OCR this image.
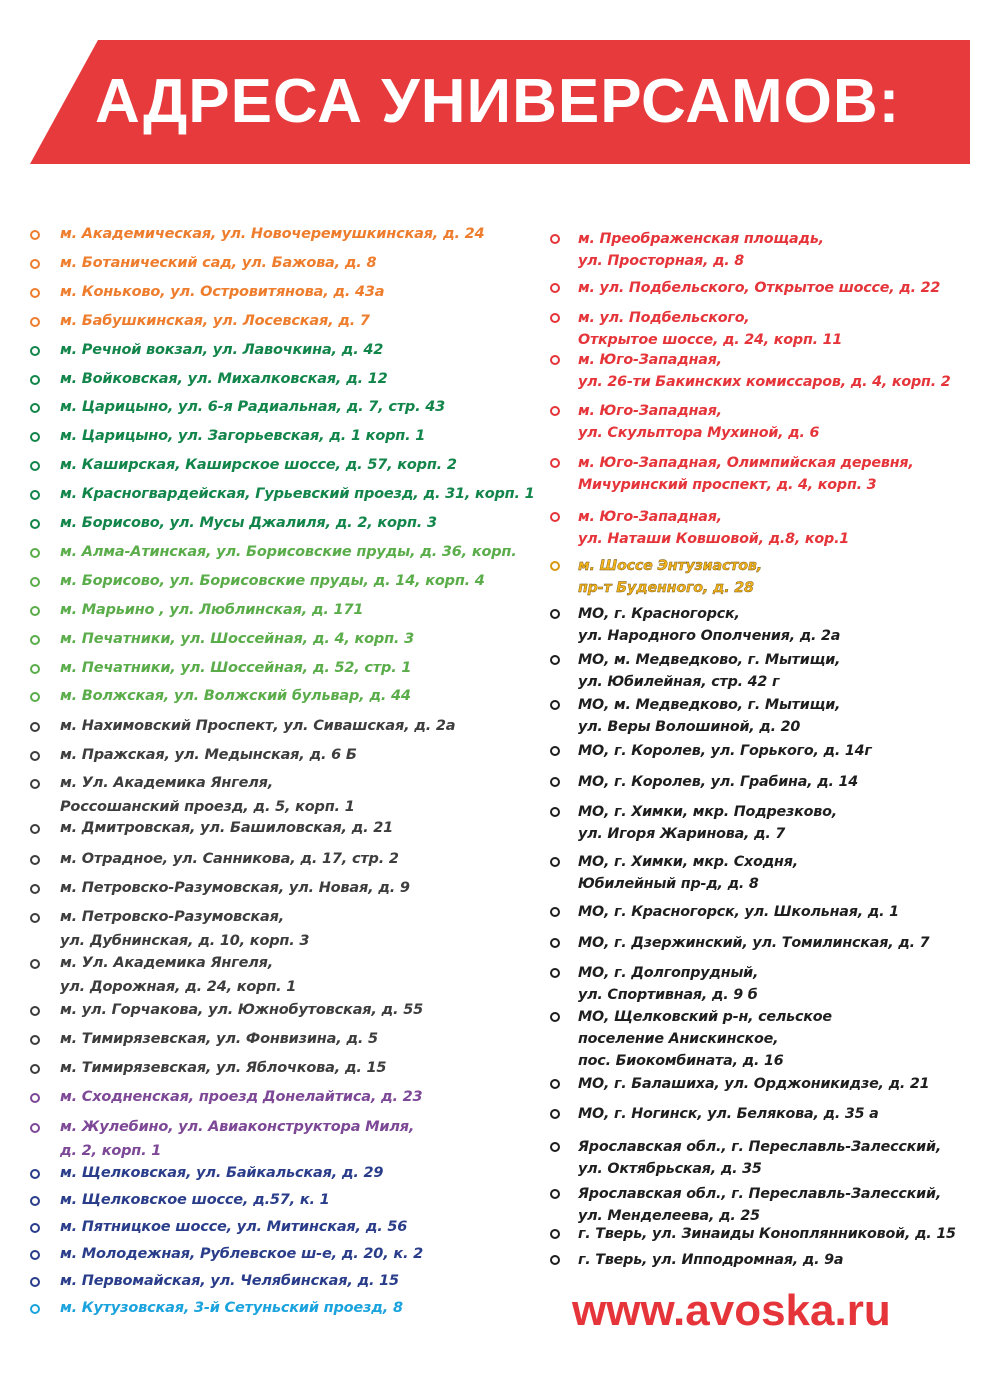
АДРЕСА УНИВЕРСАМОВ:
м. Академическая, ул. Новочеремушкинская, д. 24
м. Ботанический сад, ул. Бажова, д. 8
м. Коньково, ул. Островитянова, д. 43а
м. Бабушкинская, ул. Лосевская, д. 7
м. Речной вокзал, ул. Лавочкина, д. 42
м. Войковская, ул. Михалковская, д. 12
м. Царицыно, ул. 6-я Радиальная, д. 7, стр. 43
м. Царицыно, ул. Загорьевская, д. 1 корп. 1
м. Каширская, Каширское шоссе, д. 57, корп. 2
м. Красногвардейская, Гурьевский проезд, д. 31, корп. 1
м. Борисово, ул. Мусы Джалиля, д. 2, корп. 3
м. Алма-Атинская, ул. Борисовские пруды, д. 36, корп.
м. Борисово, ул. Борисовские пруды, д. 14, корп. 4
м. Марьино , ул. Люблинская, д. 171
м. Печатники, ул. Шоссейная, д. 4, корп. 3
м. Печатники, ул. Шоссейная, д. 52, стр. 1
м. Волжская, ул. Волжский бульвар, д. 44
м. Нахимовский Проспект, ул. Сивашская, д. 2а
м. Пражская, ул. Медынская, д. 6 Б
м. Ул. Академика Янгеля,
Россошанский проезд, д. 5, корп. 1
м. Дмитровская, ул. Башиловская, д. 21
м. Отрадное, ул. Санникова, д. 17, стр. 2
м. Петровско-Разумовская, ул. Новая, д. 9
м. Петровско-Разумовская,
ул. Дубнинская, д. 10, корп. 3
м. Ул. Академика Янгеля,
ул. Дорожная, д. 24, корп. 1
м. ул. Горчакова, ул. Южнобутовская, д. 55
м. Тимирязевская, ул. Фонвизина, д. 5
м. Тимирязевская, ул. Яблочкова, д. 15
м. Сходненская, проезд Донелайтиса, д. 23
м. Жулебино, ул. Авиаконструктора Миля,
д. 2, корп. 1
м. Щелковская, ул. Байкальская, д. 29
м. Щелковское шоссе, д.57, к. 1
м. Пятницкое шоссе, ул. Митинская, д. 56
м. Молодежная, Рублевское ш-е, д. 20, к. 2
м. Первомайская, ул. Челябинская, д. 15
м. Кутузовская, 3-й Сетуньский проезд, 8
м. Преображенская площадь,
ул. Просторная, д. 8
м. ул. Подбельского, Открытое шоссе, д. 22
м. ул. Подбельского,
Открытое шоссе, д. 24, корп. 11
м. Юго-Западная,
ул. 26-ти Бакинских комиссаров, д. 4, корп. 2
м. Юго-Западная,
ул. Скульптора Мухиной, д. 6
м. Юго-Западная, Олимпийская деревня,
Мичуринский проспект, д. 4, корп. 3
м. Юго-Западная,
ул. Наташи Ковшовой, д.8, кор.1
м. Шоссе Энтузиастов,
пр-т Буденного, д. 28
МО, г. Красногорск,
ул. Народного Ополчения, д. 2а
МО, м. Медведково, г. Мытищи,
ул. Юбилейная, стр. 42 г
МО, м. Медведково, г. Мытищи,
ул. Веры Волошиной, д. 20
МО, г. Королев, ул. Горького, д. 14г
МО, г. Королев, ул. Грабина, д. 14
МО, г. Химки, мкр. Подрезково,
ул. Игоря Жаринова, д. 7
МО, г. Химки, мкр. Сходня,
Юбилейный пр-д, д. 8
МО, г. Красногорск, ул. Школьная, д. 1
МО, г. Дзержинский, ул. Томилинская, д. 7
МО, г. Долгопрудный,
ул. Спортивная, д. 9 б
МО, Щелковский р-н, сельское
поселение Анискинское,
пос. Биокомбината, д. 16
МО, г. Балашиха, ул. Орджоникидзе, д. 21
МО, г. Ногинск, ул. Белякова, д. 35 а
Ярославская обл., г. Переславль-Залесский,
ул. Октябрьская, д. 35
Ярославская обл., г. Переславль-Залесский,
ул. Менделеева, д. 25
г. Тверь, ул. Зинаиды Коноплянниковой, д. 15
г. Тверь, ул. Ипподромная, д. 9а
www.avoska.ru
